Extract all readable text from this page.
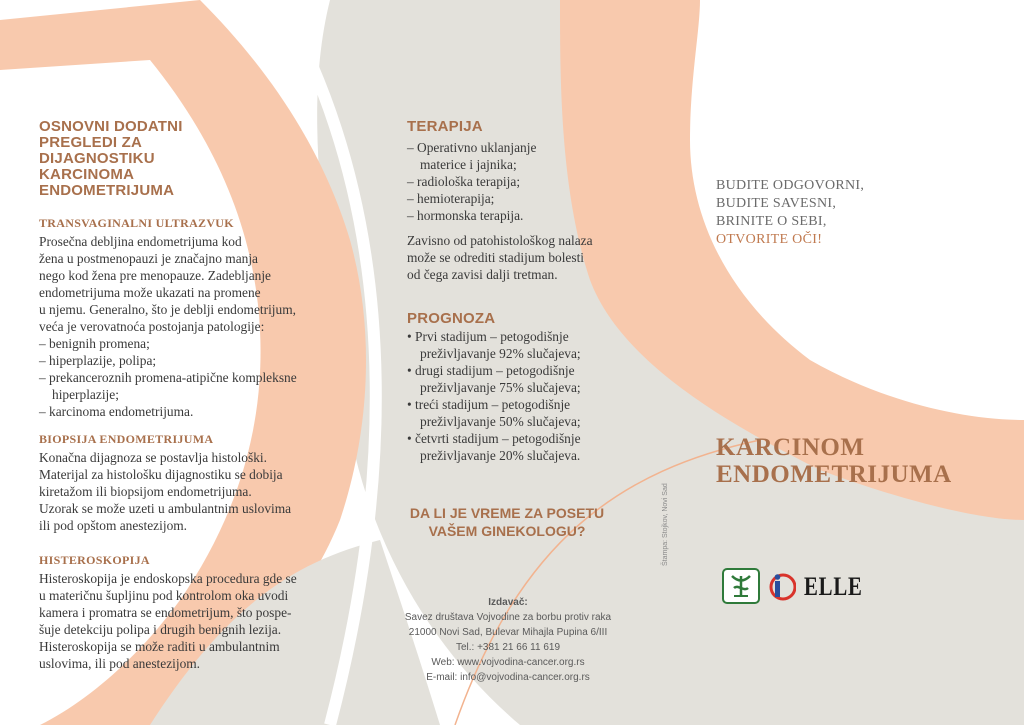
OSNOVNI DODATNI
PREGLEDI ZA
DIJAGNOSTIKU
KARCINOMA
ENDOMETRIJUMA
TRANSVAGINALNI ULTRAZVUK
Prosečna debljina endometrijuma kod
žena u postmenopauzi je značajno manja
nego kod žena pre menopauze. Zadebljanje
endometrijuma može ukazati na promene
u njemu. Generalno, što je deblji endometrijum,
veća je verovatnoća postojanja patologije:
– benignih promena;
– hiperplazije, polipa;
– prekanceroznih promena-atipične kompleksne
hiperplazije;
– karcinoma endometrijuma.
BIOPSIJA ENDOMETRIJUMA
Konačna dijagnoza se postavlja histološki.
Materijal za histološku dijagnostiku se dobija
kiretažom ili biopsijom endometrijuma.
Uzorak se može uzeti u ambulantnim uslovima
ili pod opštom anestezijom.
HISTEROSKOPIJA
Histeroskopija je endoskopska procedura gde se
u materičnu šupljinu pod kontrolom oka uvodi
kamera i promatra se endometrijum, što pospe-
šuje detekciju polipa i drugih benignih lezija.
Histeroskopija se može raditi u ambulantnim
uslovima, ili pod anestezijom.
TERAPIJA
– Operativno uklanjanje
materice i jajnika;
– radiološka terapija;
– hemioterapija;
– hormonska terapija.
Zavisno od patohistološkog nalaza
može se odrediti stadijum bolesti
od čega zavisi dalji tretman.
PROGNOZA
• Prvi stadijum – petogodišnje
preživljavanje 92% slučajeva;
• drugi stadijum – petogodišnje
preživljavanje 75% slučajeva;
• treći stadijum – petogodišnje
preživljavanje 50% slučajeva;
• četvrti stadijum – petogodišnje
preživljavanje 20% slučajeva.
DA LI JE VREME ZA POSETU
VAŠEM GINEKOLOGU?
Izdavač:
Savez društava Vojvodine za borbu protiv raka
21000 Novi Sad, Bulevar Mihajla Pupina 6/III
Tel.: +381 21 66 11 619
Web: www.vojvodina-cancer.org.rs
E-mail: info@vojvodina-cancer.org.rs
Štampa: Stojkov, Novi Sad
BUDITE ODGOVORNI,
BUDITE SAVESNI,
BRINITE O SEBI,
OTVORITE OČI!
KARCINOM
ENDOMETRIJUMA
ELLE
